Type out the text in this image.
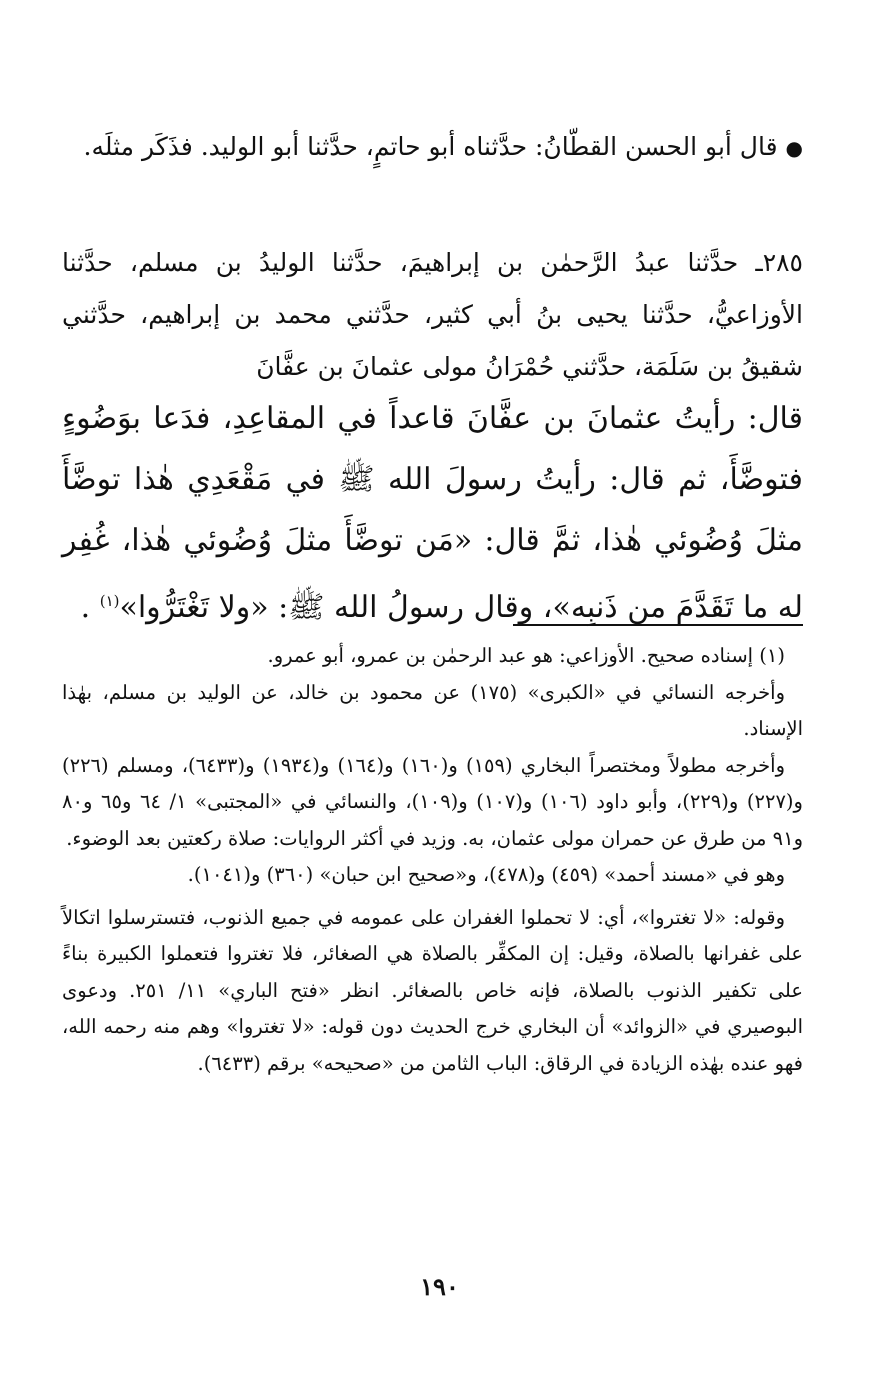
●قال أبو الحسن القطّانُ: حدَّثناه أبو حاتمٍ، حدَّثنا أبو الوليد. فذَكَر مثلَه.
٢٨٥ـ حدَّثنا عبدُ الرَّحمٰن بن إبراهيمَ، حدَّثنا الوليدُ بن مسلم، حدَّثنا الأوزاعيُّ، حدَّثنا يحيى بنُ أبي كثير، حدَّثني محمد بن إبراهيم، حدَّثني شقيقُ بن سَلَمَة، حدَّثني حُمْرَانُ مولى عثمانَ بن عفَّانَ
قال: رأيتُ عثمانَ بن عفَّانَ قاعداً في المقاعِدِ، فدَعا بوَضُوءٍ فتوضَّأَ، ثم قال: رأيتُ رسولَ الله ﷺ في مَقْعَدِي هٰذا توضَّأَ مثلَ وُضُوئي هٰذا، ثمَّ قال: «مَن توضَّأَ مثلَ وُضُوئي هٰذا، غُفِر له ما تَقَدَّمَ من ذَنبِه»، وقال رسولُ الله ﷺ: «ولا تَغْتَرُّوا»$^{(١)}$ .

(١) إسناده صحيح. الأوزاعي: هو عبد الرحمٰن بن عمرو، أبو عمرو.

وأخرجه النسائي في «الكبرى» (١٧٥) عن محمود بن خالد، عن الوليد بن مسلم، بهٰذا الإسناد.

وأخرجه مطولاً ومختصراً البخاري (١٥٩) و(١٦٠) و(١٦٤) و(١٩٣٤) و(٦٤٣٣)، ومسلم (٢٢٦) و(٢٢٧) و(٢٢٩)، وأبو داود (١٠٦) و(١٠٧) و(١٠٩)، والنسائي في «المجتبى» ١/ ٦٤ و٦٥ و٨٠ و٩١ من طرق عن حمران مولى عثمان، به. وزيد في أكثر الروايات: صلاة ركعتين بعد الوضوء.

وهو في «مسند أحمد» (٤٥٩) و(٤٧٨)، و«صحيح ابن حبان» (٣٦٠) و(١٠٤١).

وقوله: «لا تغتروا»، أي: لا تحملوا الغفران على عمومه في جميع الذنوب، فتسترسلوا اتكالاً على غفرانها بالصلاة، وقيل: إن المكفِّر بالصلاة هي الصغائر، فلا تغتروا فتعملوا الكبيرة بناءً على تكفير الذنوب بالصلاة، فإنه خاص بالصغائر. انظر «فتح الباري» ١١/ ٢٥١. ودعوى البوصيري في «الزوائد» أن البخاري خرج الحديث دون قوله: «لا تغتروا» وهم منه رحمه الله، فهو عنده بهٰذه الزيادة في الرقاق: الباب الثامن من «صحيحه» برقم (٦٤٣٣).

١٩٠
